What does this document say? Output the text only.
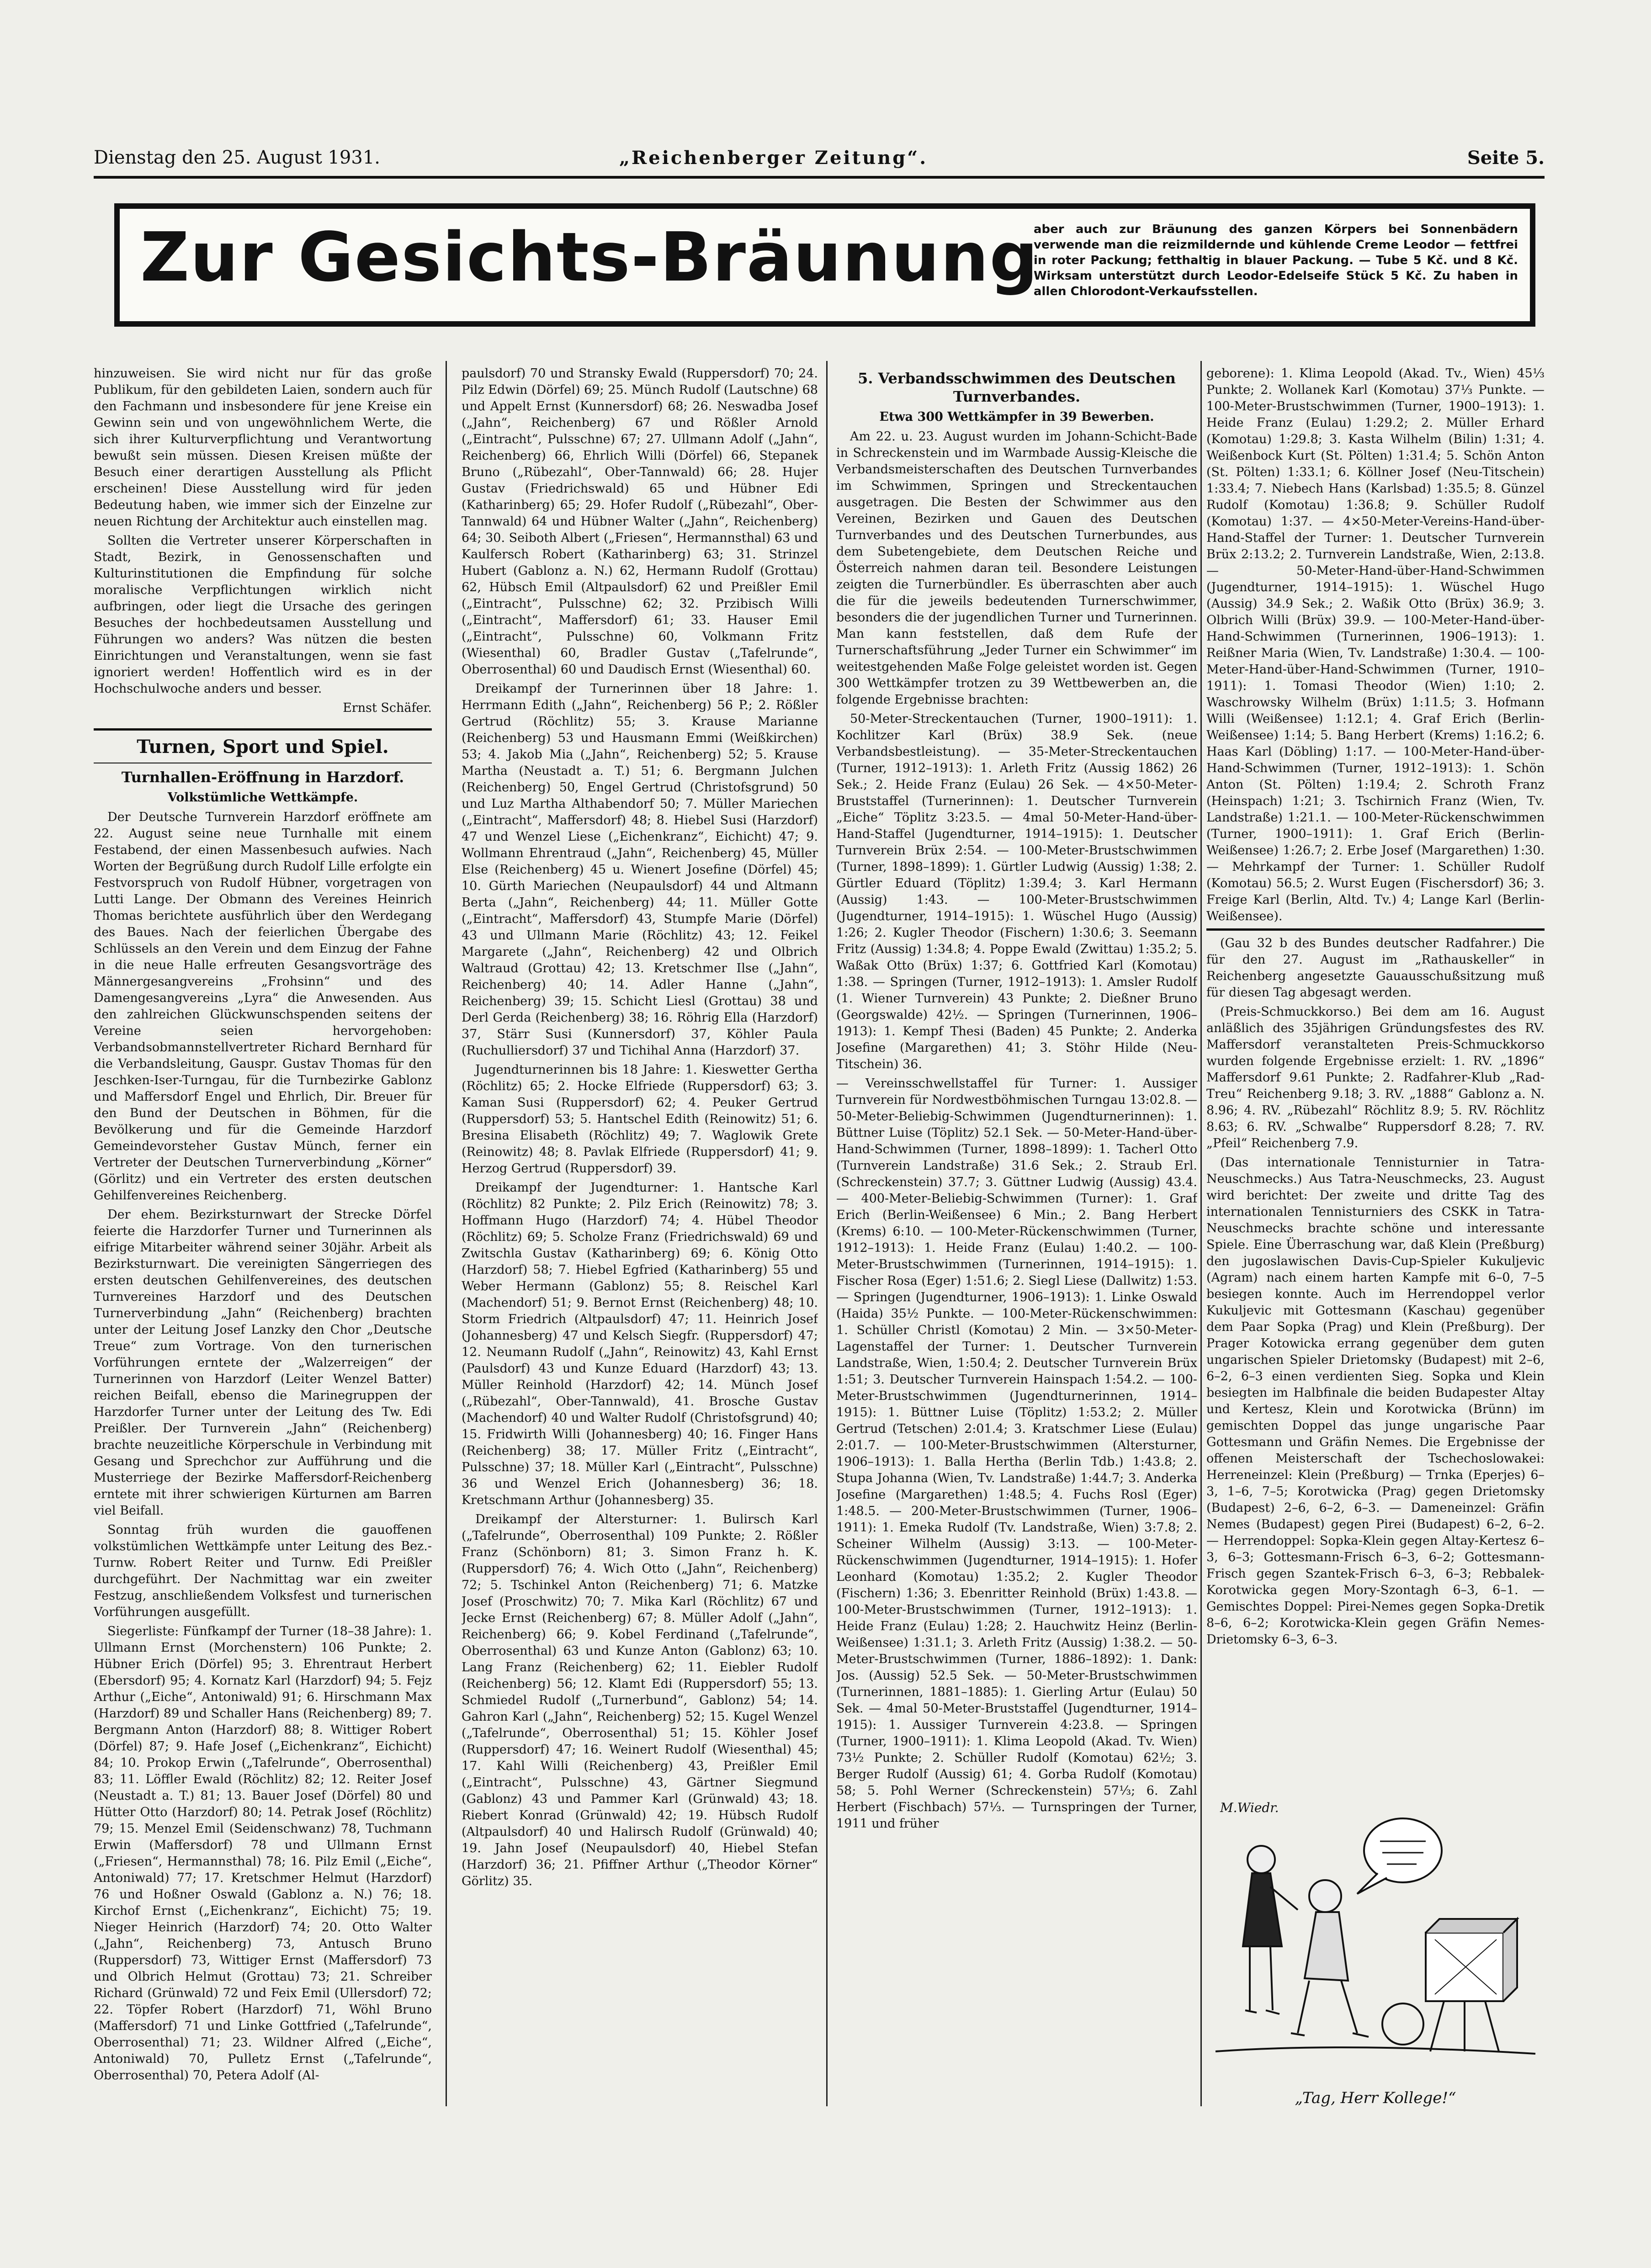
Dienstag den 25. August 1931.	„Reichenberger Zeitung“.	Seite 5.
Zur Gesichts-Bräunung
aber auch zur Bräunung des ganzen Körpers bei Sonnenbädern verwende man die reizmildernde und kühlende Creme Leodor — fettfrei in roter Packung; fetthaltig in blauer Packung. — Tube 5 Kč. und 8 Kč. Wirksam unterstützt durch Leodor-Edelseife Stück 5 Kč. Zu haben in allen Chlorodont-Verkaufsstellen.

hinzuweisen. Sie wird nicht nur für das große Publikum, für den gebildeten Laien, sondern auch für den Fachmann und insbesondere für jene Kreise ein Gewinn sein und von ungewöhnlichem Werte, die sich ihrer Kulturverpflichtung und Verantwortung bewußt sein müssen. Diesen Kreisen müßte der Besuch einer derartigen Ausstellung als Pflicht erscheinen! Diese Ausstellung wird für jeden Bedeutung haben, wie immer sich der Einzelne zur neuen Richtung der Architektur auch einstellen mag.

Sollten die Vertreter unserer Körperschaften in Stadt, Bezirk, in Genossenschaften und Kulturinstitutionen die Empfindung für solche moralische Verpflichtungen wirklich nicht aufbringen, oder liegt die Ursache des geringen Besuches der hochbedeutsamen Ausstellung und Führungen wo anders? Was nützen die besten Einrichtungen und Veranstaltungen, wenn sie fast ignoriert werden! Hoffentlich wird es in der Hochschulwoche anders und besser.

Ernst Schäfer.

Turnen, Sport und Spiel.
Turnhallen-Eröffnung in Harzdorf.
Volkstümliche Wettkämpfe.

Der Deutsche Turnverein Harzdorf eröffnete am 22. August seine neue Turnhalle mit einem Festabend, der einen Massenbesuch aufwies. Nach Worten der Begrüßung durch Rudolf Lille erfolgte ein Festvorspruch von Rudolf Hübner, vorgetragen von Lutti Lange. Der Obmann des Vereines Heinrich Thomas berichtete ausführlich über den Werdegang des Baues. Nach der feierlichen Übergabe des Schlüssels an den Verein und dem Einzug der Fahne in die neue Halle erfreuten Gesangsvorträge des Männergesangvereins „Frohsinn“ und des Damengesangvereins „Lyra“ die Anwesenden. Aus den zahlreichen Glückwunschspenden seitens der Vereine seien hervorgehoben: Verbandsobmannstellvertreter Richard Bernhard für die Verbandsleitung, Gauspr. Gustav Thomas für den Jeschken-Iser-Turngau, für die Turnbezirke Gablonz und Maffersdorf Engel und Ehrlich, Dir. Breuer für den Bund der Deutschen in Böhmen, für die Bevölkerung und für die Gemeinde Harzdorf Gemeindevorsteher Gustav Münch, ferner ein Vertreter der Deutschen Turnerverbindung „Körner“ (Görlitz) und ein Vertreter des ersten deutschen Gehilfenvereines Reichenberg.

Der ehem. Bezirksturnwart der Strecke Dörfel feierte die Harzdorfer Turner und Turnerinnen als eifrige Mitarbeiter während seiner 30jähr. Arbeit als Bezirksturnwart. Die vereinigten Sängerriegen des ersten deutschen Gehilfenvereines, des deutschen Turnvereines Harzdorf und des Deutschen Turnerverbindung „Jahn“ (Reichenberg) brachten unter der Leitung Josef Lanzky den Chor „Deutsche Treue“ zum Vortrage. Von den turnerischen Vorführungen erntete der „Walzerreigen“ der Turnerinnen von Harzdorf (Leiter Wenzel Batter) reichen Beifall, ebenso die Marinegruppen der Harzdorfer Turner unter der Leitung des Tw. Edi Preißler. Der Turnverein „Jahn“ (Reichenberg) brachte neuzeitliche Körperschule in Verbindung mit Gesang und Sprechchor zur Aufführung und die Musterriege der Bezirke Maffersdorf-Reichenberg erntete mit ihrer schwierigen Kürturnen am Barren viel Beifall.

Sonntag früh wurden die gauoffenen volkstümlichen Wettkämpfe unter Leitung des Bez.-Turnw. Robert Reiter und Turnw. Edi Preißler durchgeführt. Der Nachmittag war ein zweiter Festzug, anschließendem Volksfest und turnerischen Vorführungen ausgefüllt.

Siegerliste: Fünfkampf der Turner (18–38 Jahre): 1. Ullmann Ernst (Morchenstern) 106 Punkte; 2. Hübner Erich (Dörfel) 95; 3. Ehrentraut Herbert (Ebersdorf) 95; 4. Kornatz Karl (Harzdorf) 94; 5. Fejz Arthur („Eiche“, Antoniwald) 91; 6. Hirschmann Max (Harzdorf) 89 und Schaller Hans (Reichenberg) 89; 7. Bergmann Anton (Harzdorf) 88; 8. Wittiger Robert (Dörfel) 87; 9. Hafe Josef („Eichenkranz“, Eichicht) 84; 10. Prokop Erwin („Tafelrunde“, Oberrosenthal) 83; 11. Löffler Ewald (Röchlitz) 82; 12. Reiter Josef (Neustadt a. T.) 81; 13. Bauer Josef (Dörfel) 80 und Hütter Otto (Harzdorf) 80; 14. Petrak Josef (Röchlitz) 79; 15. Menzel Emil (Seidenschwanz) 78, Tuchmann Erwin (Maffersdorf) 78 und Ullmann Ernst („Friesen“, Hermannsthal) 78; 16. Pilz Emil („Eiche“, Antoniwald) 77; 17. Kretschmer Helmut (Harzdorf) 76 und Hoßner Oswald (Gablonz a. N.) 76; 18. Kirchof Ernst („Eichenkranz“, Eichicht) 75; 19. Nieger Heinrich (Harzdorf) 74; 20. Otto Walter („Jahn“, Reichenberg) 73, Antusch Bruno (Ruppersdorf) 73, Wittiger Ernst (Maffersdorf) 73 und Olbrich Helmut (Grottau) 73; 21. Schreiber Richard (Grünwald) 72 und Feix Emil (Ullersdorf) 72; 22. Töpfer Robert (Harzdorf) 71, Wöhl Bruno (Maffersdorf) 71 und Linke Gottfried („Tafelrunde“, Oberrosenthal) 71; 23. Wildner Alfred („Eiche“, Antoniwald) 70, Pulletz Ernst („Tafelrunde“, Oberrosenthal) 70, Petera Adolf (Al-

paulsdorf) 70 und Stransky Ewald (Ruppersdorf) 70; 24. Pilz Edwin (Dörfel) 69; 25. Münch Rudolf (Lautschne) 68 und Appelt Ernst (Kunnersdorf) 68; 26. Neswadba Josef („Jahn“, Reichenberg) 67 und Rößler Arnold („Eintracht“, Pulsschne) 67; 27. Ullmann Adolf („Jahn“, Reichenberg) 66, Ehrlich Willi (Dörfel) 66, Stepanek Bruno („Rübezahl“, Ober-Tannwald) 66; 28. Hujer Gustav (Friedrichswald) 65 und Hübner Edi (Katharinberg) 65; 29. Hofer Rudolf („Rübezahl“, Ober-Tannwald) 64 und Hübner Walter („Jahn“, Reichenberg) 64; 30. Seiboth Albert („Friesen“, Hermannsthal) 63 und Kaulfersch Robert (Katharinberg) 63; 31. Strinzel Hubert (Gablonz a. N.) 62, Hermann Rudolf (Grottau) 62, Hübsch Emil (Altpaulsdorf) 62 und Preißler Emil („Eintracht“, Pulsschne) 62; 32. Przibisch Willi („Eintracht“, Maffersdorf) 61; 33. Hauser Emil („Eintracht“, Pulsschne) 60, Volkmann Fritz (Wiesenthal) 60, Bradler Gustav („Tafelrunde“, Oberrosenthal) 60 und Daudisch Ernst (Wiesenthal) 60.

Dreikampf der Turnerinnen über 18 Jahre: 1. Herrmann Edith („Jahn“, Reichenberg) 56 P.; 2. Rößler Gertrud (Röchlitz) 55; 3. Krause Marianne (Reichenberg) 53 und Hausmann Emmi (Weißkirchen) 53; 4. Jakob Mia („Jahn“, Reichenberg) 52; 5. Krause Martha (Neustadt a. T.) 51; 6. Bergmann Julchen (Reichenberg) 50, Engel Gertrud (Christofsgrund) 50 und Luz Martha Althabendorf 50; 7. Müller Mariechen („Eintracht“, Maffersdorf) 48; 8. Hiebel Susi (Harzdorf) 47 und Wenzel Liese („Eichenkranz“, Eichicht) 47; 9. Wollmann Ehrentraud („Jahn“, Reichenberg) 45, Müller Else (Reichenberg) 45 u. Wienert Josefine (Dörfel) 45; 10. Gürth Mariechen (Neupaulsdorf) 44 und Altmann Berta („Jahn“, Reichenberg) 44; 11. Müller Gotte („Eintracht“, Maffersdorf) 43, Stumpfe Marie (Dörfel) 43 und Ullmann Marie (Röchlitz) 43; 12. Feikel Margarete („Jahn“, Reichenberg) 42 und Olbrich Waltraud (Grottau) 42; 13. Kretschmer Ilse („Jahn“, Reichenberg) 40; 14. Adler Hanne („Jahn“, Reichenberg) 39; 15. Schicht Liesl (Grottau) 38 und Derl Gerda (Reichenberg) 38; 16. Röhrig Ella (Harzdorf) 37, Stärr Susi (Kunnersdorf) 37, Köhler Paula (Ruchulliersdorf) 37 und Tichihal Anna (Harzdorf) 37.

Jugendturnerinnen bis 18 Jahre: 1. Kieswetter Gertha (Röchlitz) 65; 2. Hocke Elfriede (Ruppersdorf) 63; 3. Kaman Susi (Ruppersdorf) 62; 4. Peuker Gertrud (Ruppersdorf) 53; 5. Hantschel Edith (Reinowitz) 51; 6. Bresina Elisabeth (Röchlitz) 49; 7. Waglowik Grete (Reinowitz) 48; 8. Pavlak Elfriede (Ruppersdorf) 41; 9. Herzog Gertrud (Ruppersdorf) 39.

Dreikampf der Jugendturner: 1. Hantsche Karl (Röchlitz) 82 Punkte; 2. Pilz Erich (Reinowitz) 78; 3. Hoffmann Hugo (Harzdorf) 74; 4. Hübel Theodor (Röchlitz) 69; 5. Scholze Franz (Friedrichswald) 69 und Zwitschla Gustav (Katharinberg) 69; 6. König Otto (Harzdorf) 58; 7. Hiebel Egfried (Katharinberg) 55 und Weber Hermann (Gablonz) 55; 8. Reischel Karl (Machendorf) 51; 9. Bernot Ernst (Reichenberg) 48; 10. Storm Friedrich (Altpaulsdorf) 47; 11. Heinrich Josef (Johannesberg) 47 und Kelsch Siegfr. (Ruppersdorf) 47; 12. Neumann Rudolf („Jahn“, Reinowitz) 43, Kahl Ernst (Paulsdorf) 43 und Kunze Eduard (Harzdorf) 43; 13. Müller Reinhold (Harzdorf) 42; 14. Münch Josef („Rübezahl“, Ober-Tannwald), 41. Brosche Gustav (Machendorf) 40 und Walter Rudolf (Christofsgrund) 40; 15. Fridwirth Willi (Johannesberg) 40; 16. Finger Hans (Reichenberg) 38; 17. Müller Fritz („Eintracht“, Pulsschne) 37; 18. Müller Karl („Eintracht“, Pulsschne) 36 und Wenzel Erich (Johannesberg) 36; 18. Kretschmann Arthur (Johannesberg) 35.

Dreikampf der Altersturner: 1. Bulirsch Karl („Tafelrunde“, Oberrosenthal) 109 Punkte; 2. Rößler Franz (Schönborn) 81; 3. Simon Franz h. K. (Ruppersdorf) 76; 4. Wich Otto („Jahn“, Reichenberg) 72; 5. Tschinkel Anton (Reichenberg) 71; 6. Matzke Josef (Proschwitz) 70; 7. Mika Karl (Röchlitz) 67 und Jecke Ernst (Reichenberg) 67; 8. Müller Adolf („Jahn“, Reichenberg) 66; 9. Kobel Ferdinand („Tafelrunde“, Oberrosenthal) 63 und Kunze Anton (Gablonz) 63; 10. Lang Franz (Reichenberg) 62; 11. Eiebler Rudolf (Reichenberg) 56; 12. Klamt Edi (Ruppersdorf) 55; 13. Schmiedel Rudolf („Turnerbund“, Gablonz) 54; 14. Gahron Karl („Jahn“, Reichenberg) 52; 15. Kugel Wenzel („Tafelrunde“, Oberrosenthal) 51; 15. Köhler Josef (Ruppersdorf) 47; 16. Weinert Rudolf (Wiesenthal) 45; 17. Kahl Willi (Reichenberg) 43, Preißler Emil („Eintracht“, Pulsschne) 43, Gärtner Siegmund (Gablonz) 43 und Pammer Karl (Grünwald) 43; 18. Riebert Konrad (Grünwald) 42; 19. Hübsch Rudolf (Altpaulsdorf) 40 und Halirsch Rudolf (Grünwald) 40; 19. Jahn Josef (Neupaulsdorf) 40, Hiebel Stefan (Harzdorf) 36; 21. Pfiffner Arthur („Theodor Körner“ Görlitz) 35.

5. Verbandsschwimmen des Deutschen Turnverbandes.
Etwa 300 Wettkämpfer in 39 Bewerben.

Am 22. u. 23. August wurden im Johann-Schicht-Bade in Schreckenstein und im Warmbade Aussig-Kleische die Verbandsmeisterschaften des Deutschen Turnverbandes im Schwimmen, Springen und Streckentauchen ausgetragen. Die Besten der Schwimmer aus den Vereinen, Bezirken und Gauen des Deutschen Turnverbandes und des Deutschen Turnerbundes, aus dem Subetengebiete, dem Deutschen Reiche und Österreich nahmen daran teil. Besondere Leistungen zeigten die Turnerbündler. Es überraschten aber auch die für die jeweils bedeutenden Turnerschwimmer, besonders die der jugendlichen Turner und Turnerinnen. Man kann feststellen, daß dem Rufe der Turnerschaftsführung „Jeder Turner ein Schwimmer“ im weitestgehenden Maße Folge geleistet worden ist. Gegen 300 Wettkämpfer trotzen zu 39 Wettbewerben an, die folgende Ergebnisse brachten:

50-Meter-Streckentauchen (Turner, 1900–1911): 1. Kochlitzer Karl (Brüx) 38.9 Sek. (neue Verbandsbestleistung). — 35-Meter-Streckentauchen (Turner, 1912–1913): 1. Arleth Fritz (Aussig 1862) 26 Sek.; 2. Heide Franz (Eulau) 26 Sek. — 4×50-Meter-Bruststaffel (Turnerinnen): 1. Deutscher Turnverein „Eiche“ Töplitz 3:23.5. — 4mal 50-Meter-Hand-über-Hand-Staffel (Jugendturner, 1914–1915): 1. Deutscher Turnverein Brüx 2:54. — 100-Meter-Brustschwimmen (Turner, 1898–1899): 1. Gürtler Ludwig (Aussig) 1:38; 2. Gürtler Eduard (Töplitz) 1:39.4; 3. Karl Hermann (Aussig) 1:43. — 100-Meter-Brustschwimmen (Jugendturner, 1914–1915): 1. Wüschel Hugo (Aussig) 1:26; 2. Kugler Theodor (Fischern) 1:30.6; 3. Seemann Fritz (Aussig) 1:34.8; 4. Poppe Ewald (Zwittau) 1:35.2; 5. Waßak Otto (Brüx) 1:37; 6. Gottfried Karl (Komotau) 1:38. — Springen (Turner, 1912–1913): 1. Amsler Rudolf (1. Wiener Turnverein) 43 Punkte; 2. Dießner Bruno (Georgswalde) 42½. — Springen (Turnerinnen, 1906–1913): 1. Kempf Thesi (Baden) 45 Punkte; 2. Anderka Josefine (Margarethen) 41; 3. Stöhr Hilde (Neu-Titschein) 36.

— Vereinsschwellstaffel für Turner: 1. Aussiger Turnverein für Nordwestböhmischen Turngau 13:02.8. — 50-Meter-Beliebig-Schwimmen (Jugendturnerinnen): 1. Büttner Luise (Töplitz) 52.1 Sek. — 50-Meter-Hand-über-Hand-Schwimmen (Turner, 1898–1899): 1. Tacherl Otto (Turnverein Landstraße) 31.6 Sek.; 2. Straub Erl. (Schreckenstein) 37.7; 3. Güttner Ludwig (Aussig) 43.4. — 400-Meter-Beliebig-Schwimmen (Turner): 1. Graf Erich (Berlin-Weißensee) 6 Min.; 2. Bang Herbert (Krems) 6:10. — 100-Meter-Rückenschwimmen (Turner, 1912–1913): 1. Heide Franz (Eulau) 1:40.2. — 100-Meter-Brustschwimmen (Turnerinnen, 1914–1915): 1. Fischer Rosa (Eger) 1:51.6; 2. Siegl Liese (Dallwitz) 1:53. — Springen (Jugendturner, 1906–1913): 1. Linke Oswald (Haida) 35½ Punkte. — 100-Meter-Rückenschwimmen: 1. Schüller Christl (Komotau) 2 Min. — 3×50-Meter-Lagenstaffel der Turner: 1. Deutscher Turnverein Landstraße, Wien, 1:50.4; 2. Deutscher Turnverein Brüx 1:51; 3. Deutscher Turnverein Hainspach 1:54.2. — 100-Meter-Brustschwimmen (Jugendturnerinnen, 1914–1915): 1. Büttner Luise (Töplitz) 1:53.2; 2. Müller Gertrud (Tetschen) 2:01.4; 3. Kratschmer Liese (Eulau) 2:01.7. — 100-Meter-Brustschwimmen (Altersturner, 1906–1913): 1. Balla Hertha (Berlin Tdb.) 1:43.8; 2. Stupa Johanna (Wien, Tv. Landstraße) 1:44.7; 3. Anderka Josefine (Margarethen) 1:48.5; 4. Fuchs Rosl (Eger) 1:48.5. — 200-Meter-Brustschwimmen (Turner, 1906–1911): 1. Emeka Rudolf (Tv. Landstraße, Wien) 3:7.8; 2. Scheiner Wilhelm (Aussig) 3:13. — 100-Meter-Rückenschwimmen (Jugendturner, 1914–1915): 1. Hofer Leonhard (Komotau) 1:35.2; 2. Kugler Theodor (Fischern) 1:36; 3. Ebenritter Reinhold (Brüx) 1:43.8. — 100-Meter-Brustschwimmen (Turner, 1912–1913): 1. Heide Franz (Eulau) 1:28; 2. Hauchwitz Heinz (Berlin-Weißensee) 1:31.1; 3. Arleth Fritz (Aussig) 1:38.2. — 50-Meter-Brustschwimmen (Turner, 1886–1892): 1. Dank: Jos. (Aussig) 52.5 Sek. — 50-Meter-Brustschwimmen (Turnerinnen, 1881–1885): 1. Gierling Artur (Eulau) 50 Sek. — 4mal 50-Meter-Bruststaffel (Jugendturner, 1914–1915): 1. Aussiger Turnverein 4:23.8. — Springen (Turner, 1900–1911): 1. Klima Leopold (Akad. Tv. Wien) 73½ Punkte; 2. Schüller Rudolf (Komotau) 62½; 3. Berger Rudolf (Aussig) 61; 4. Gorba Rudolf (Komotau) 58; 5. Pohl Werner (Schreckenstein) 57⅓; 6. Zahl Herbert (Fischbach) 57⅓. — Turnspringen der Turner, 1911 und früher

geborene): 1. Klima Leopold (Akad. Tv., Wien) 45⅓ Punkte; 2. Wollanek Karl (Komotau) 37⅓ Punkte. — 100-Meter-Brustschwimmen (Turner, 1900–1913): 1. Heide Franz (Eulau) 1:29.2; 2. Müller Erhard (Komotau) 1:29.8; 3. Kasta Wilhelm (Bilin) 1:31; 4. Weißenbock Kurt (St. Pölten) 1:31.4; 5. Schön Anton (St. Pölten) 1:33.1; 6. Köllner Josef (Neu-Titschein) 1:33.4; 7. Niebech Hans (Karlsbad) 1:35.5; 8. Günzel Rudolf (Komotau) 1:36.8; 9. Schüller Rudolf (Komotau) 1:37. — 4×50-Meter-Vereins-Hand-über-Hand-Staffel der Turner: 1. Deutscher Turnverein Brüx 2:13.2; 2. Turnverein Landstraße, Wien, 2:13.8. — 50-Meter-Hand-über-Hand-Schwimmen (Jugendturner, 1914–1915): 1. Wüschel Hugo (Aussig) 34.9 Sek.; 2. Waßik Otto (Brüx) 36.9; 3. Olbrich Willi (Brüx) 39.9. — 100-Meter-Hand-über-Hand-Schwimmen (Turnerinnen, 1906–1913): 1. Reißner Maria (Wien, Tv. Landstraße) 1:30.4. — 100-Meter-Hand-über-Hand-Schwimmen (Turner, 1910–1911): 1. Tomasi Theodor (Wien) 1:10; 2. Waschrowsky Wilhelm (Brüx) 1:11.5; 3. Hofmann Willi (Weißensee) 1:12.1; 4. Graf Erich (Berlin-Weißensee) 1:14; 5. Bang Herbert (Krems) 1:16.2; 6. Haas Karl (Döbling) 1:17. — 100-Meter-Hand-über-Hand-Schwimmen (Turner, 1912–1913): 1. Schön Anton (St. Pölten) 1:19.4; 2. Schroth Franz (Heinspach) 1:21; 3. Tschirnich Franz (Wien, Tv. Landstraße) 1:21.1. — 100-Meter-Rückenschwimmen (Turner, 1900–1911): 1. Graf Erich (Berlin-Weißensee) 1:26.7; 2. Erbe Josef (Margarethen) 1:30. — Mehrkampf der Turner: 1. Schüller Rudolf (Komotau) 56.5; 2. Wurst Eugen (Fischersdorf) 36; 3. Freige Karl (Berlin, Altd. Tv.) 4; Lange Karl (Berlin-Weißensee).

(Gau 32 b des Bundes deutscher Radfahrer.) Die für den 27. August im „Rathauskeller“ in Reichenberg angesetzte Gauausschußsitzung muß für diesen Tag abgesagt werden.

(Preis-Schmuckkorso.) Bei dem am 16. August anläßlich des 35jährigen Gründungsfestes des RV. Maffersdorf veranstalteten Preis-Schmuckkorso wurden folgende Ergebnisse erzielt: 1. RV. „1896“ Maffersdorf 9.61 Punkte; 2. Radfahrer-Klub „Rad-Treu“ Reichenberg 9.18; 3. RV. „1888“ Gablonz a. N. 8.96; 4. RV. „Rübezahl“ Röchlitz 8.9; 5. RV. Röchlitz 8.63; 6. RV. „Schwalbe“ Ruppersdorf 8.28; 7. RV. „Pfeil“ Reichenberg 7.9.

(Das internationale Tennisturnier in Tatra-Neuschmecks.) Aus Tatra-Neuschmecks, 23. August wird berichtet: Der zweite und dritte Tag des internationalen Tennisturniers des CSKK in Tatra-Neuschmecks brachte schöne und interessante Spiele. Eine Überraschung war, daß Klein (Preßburg) den jugoslawischen Davis-Cup-Spieler Kukuljevic (Agram) nach einem harten Kampfe mit 6–0, 7–5 besiegen konnte. Auch im Herrendoppel verlor Kukuljevic mit Gottesmann (Kaschau) gegenüber dem Paar Sopka (Prag) und Klein (Preßburg). Der Prager Kotowicka errang gegenüber dem guten ungarischen Spieler Drietomsky (Budapest) mit 2–6, 6–2, 6–3 einen verdienten Sieg. Sopka und Klein besiegten im Halbfinale die beiden Budapester Altay und Kertesz, Klein und Korotwicka (Brünn) im gemischten Doppel das junge ungarische Paar Gottesmann und Gräfin Nemes. Die Ergebnisse der offenen Meisterschaft der Tschechoslowakei: Herreneinzel: Klein (Preßburg) — Trnka (Eperjes) 6–3, 1–6, 7–5; Korotwicka (Prag) gegen Drietomsky (Budapest) 2–6, 6–2, 6–3. — Dameneinzel: Gräfin Nemes (Budapest) gegen Pirei (Budapest) 6–2, 6–2. — Herrendoppel: Sopka-Klein gegen Altay-Kertesz 6–3, 6–3; Gottesmann-Frisch 6–3, 6–2; Gottesmann-Frisch gegen Szantek-Frisch 6–3, 6–3; Rebbalek-Korotwicka gegen Mory-Szontagh 6–3, 6–1. — Gemischtes Doppel: Pirei-Nemes gegen Sopka-Dretik 8–6, 6–2; Korotwicka-Klein gegen Gräfin Nemes-Drietomsky 6–3, 6–3.

M.Wiedr.
„Tag, Herr Kollege!“
